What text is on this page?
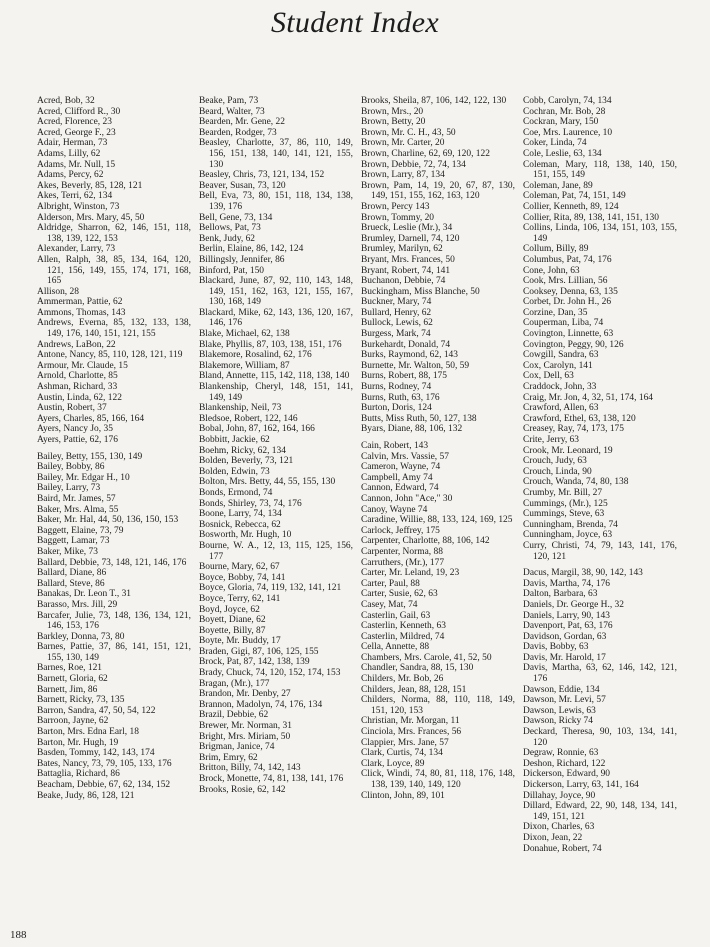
Student Index
Acred, Bob, 32
Acred, Clifford R., 30
Acred, Florence, 23
Acred, George F., 23
Adair, Herman, 73
Adams, Lilly, 62
Adams, Mr. Null, 15
Adams, Percy, 62
Akes, Beverly, 85, 128, 121
Akes, Terri, 62, 134
Albright, Winston, 73
Alderson, Mrs. Mary, 45, 50
Aldridge, Sharron, 62, 146, 151, 118, 138, 139, 122, 153
Alexander, Larry, 73
Allen, Ralph, 38, 85, 134, 164, 120, 121, 156, 149, 155, 174, 171, 168, 165
Allison, 28
Ammerman, Pattie, 62
Ammons, Thomas, 143
Andrews, Everna, 85, 132, 133, 138, 149, 176, 140, 151, 121, 155
Andrews, LaBon, 22
Antone, Nancy, 85, 110, 128, 121, 119
Armour, Mr. Claude, 15
Arnold, Charlotte, 85
Ashman, Richard, 33
Austin, Linda, 62, 122
Austin, Robert, 37
Ayers, Charles, 85, 166, 164
Ayers, Nancy Jo, 35
Ayers, Pattie, 62, 176
Bailey, Betty, 155, 130, 149
Bailey, Bobby, 86
Bailey, Mr. Edgar H., 10
Bailey, Larry, 73
Baird, Mr. James, 57
Baker, Mrs. Alma, 55
Baker, Mr. Hal, 44, 50, 136, 150, 153
Baggett, Elaine, 73, 79
Baggett, Lamar, 73
Baker, Mike, 73
Ballard, Debbie, 73, 148, 121, 146, 176
Ballard, Diane, 86
Ballard, Steve, 86
Banakas, Dr. Leon T., 31
Barasso, Mrs. Jill, 29
Barcafer, Julie, 73, 148, 136, 134, 121, 146, 153, 176
Barkley, Donna, 73, 80
Barnes, Pattie, 37, 86, 141, 151, 121, 155, 130, 149
Barnes, Roe, 121
Barnett, Gloria, 62
Barnett, Jim, 86
Barnett, Ricky, 73, 135
Barron, Sandra, 47, 50, 54, 122
Barroon, Jayne, 62
Barton, Mrs. Edna Earl, 18
Barton, Mr. Hugh, 19
Basden, Tommy, 142, 143, 174
Bates, Nancy, 73, 79, 105, 133, 176
Battaglia, Richard, 86
Beacham, Debbie, 67, 62, 134, 152
Beake, Judy, 86, 128, 121
Beake, Pam, 73
Beard, Walter, 73
Bearden, Mr. Gene, 22
Bearden, Rodger, 73
Beasley, Charlotte, 37, 86, 110, 149, 156, 151, 138, 140, 141, 121, 155, 130
Beasley, Chris, 73, 121, 134, 152
Beaver, Susan, 73, 120
Bell, Eva, 73, 80, 151, 118, 134, 138, 139, 176
Bell, Gene, 73, 134
Bellows, Pat, 73
Benk, Judy, 62
Berlin, Elaine, 86, 142, 124
Billingsly, Jennifer, 86
Binford, Pat, 150
Blackard, June, 87, 92, 110, 143, 148, 149, 151, 162, 163, 121, 155, 167, 130, 168, 149
Blackard, Mike, 62, 143, 136, 120, 167, 146, 176
Blake, Michael, 62, 138
Blake, Phyllis, 87, 103, 138, 151, 176
Blakemore, Rosalind, 62, 176
Blakemore, William, 87
Bland, Annette, 115, 142, 118, 138, 140
Blankenship, Cheryl, 148, 151, 141, 149, 149
Blankenship, Neil, 73
Bledsoe, Robert, 122, 146
Bobal, John, 87, 162, 164, 166
Bobbitt, Jackie, 62
Boehm, Ricky, 62, 134
Bolden, Beverly, 73, 121
Bolden, Edwin, 73
Bolton, Mrs. Betty, 44, 55, 155, 130
Bonds, Ermond, 74
Bonds, Shirley, 73, 74, 176
Boone, Larry, 74, 134
Bosnick, Rebecca, 62
Bosworth, Mr. Hugh, 10
Bourne, W. A., 12, 13, 115, 125, 156, 177
Bourne, Mary, 62, 67
Boyce, Bobby, 74, 141
Boyce, Gloria, 74, 119, 132, 141, 121
Boyce, Terry, 62, 141
Boyd, Joyce, 62
Boyett, Diane, 62
Boyette, Billy, 87
Boyte, Mr. Buddy, 17
Braden, Gigi, 87, 106, 125, 155
Brock, Pat, 87, 142, 138, 139
Brady, Chuck, 74, 120, 152, 174, 153
Bragan, (Mr.), 177
Brandon, Mr. Denby, 27
Brannon, Madolyn, 74, 176, 134
Brazil, Debbie, 62
Brewer, Mr. Norman, 31
Bright, Mrs. Miriam, 50
Brigman, Janice, 74
Brim, Emry, 62
Britton, Billy, 74, 142, 143
Brock, Monette, 74, 81, 138, 141, 176
Brooks, Rosie, 62, 142
Brooks, Sheila, 87, 106, 142, 122, 130
Brown, Mrs., 20
Brown, Betty, 20
Brown, Mr. C. H., 43, 50
Brown, Mr. Carter, 20
Brown, Charline, 62, 69, 120, 122
Brown, Debbie, 72, 74, 134
Brown, Larry, 87, 134
Brown, Pam, 14, 19, 20, 67, 87, 130, 149, 151, 155, 162, 163, 120
Brown, Percy 143
Brown, Tommy, 20
Brueck, Leslie (Mr.), 34
Brumley, Darnell, 74, 120
Brumley, Marilyn, 62
Bryant, Mrs. Frances, 50
Bryant, Robert, 74, 141
Buchanon, Debbie, 74
Buckingham, Miss Blanche, 50
Buckner, Mary, 74
Bullard, Henry, 62
Bullock, Lewis, 62
Burgess, Mark, 74
Burkehardt, Donald, 74
Burks, Raymond, 62, 143
Burnette, Mr. Walton, 50, 59
Burns, Robert, 88, 175
Burns, Rodney, 74
Burns, Ruth, 63, 176
Burton, Doris, 124
Butts, Miss Ruth, 50, 127, 138
Byars, Diane, 88, 106, 132
Cain, Robert, 143
Calvin, Mrs. Vassie, 57
Cameron, Wayne, 74
Campbell, Amy 74
Cannon, Edward, 74
Cannon, John "Ace," 30
Canoy, Wayne 74
Caradine, Willie, 88, 133, 124, 169, 125
Carlock, Jeffrey, 175
Carpenter, Charlotte, 88, 106, 142
Carpenter, Norma, 88
Carruthers, (Mr.), 177
Carter, Mr. Leland, 19, 23
Carter, Paul, 88
Carter, Susie, 62, 63
Casey, Mat, 74
Casterlin, Gail, 63
Casterlin, Kenneth, 63
Casterlin, Mildred, 74
Cella, Annette, 88
Chambers, Mrs. Carole, 41, 52, 50
Chandler, Sandra, 88, 15, 130
Childers, Mr. Bob, 26
Childers, Jean, 88, 128, 151
Childers, Norma, 88, 110, 118, 149, 151, 120, 153
Christian, Mr. Morgan, 11
Cinciola, Mrs. Frances, 56
Clappier, Mrs. Jane, 57
Clark, Curtis, 74, 134
Clark, Loyce, 89
Click, Windi, 74, 80, 81, 118, 176, 148, 138, 139, 140, 149, 120
Clinton, John, 89, 101
Cobb, Carolyn, 74, 134
Cochran, Mr. Bob, 28
Cockran, Mary, 150
Coe, Mrs. Laurence, 10
Coker, Linda, 74
Cole, Leslie, 63, 134
Coleman, Mary, 118, 138, 140, 150, 151, 155, 149
Coleman, Jane, 89
Coleman, Pat, 74, 151, 149
Collier, Kenneth, 89, 124
Collier, Rita, 89, 138, 141, 151, 130
Collins, Linda, 106, 134, 151, 103, 155, 149
Collum, Billy, 89
Columbus, Pat, 74, 176
Cone, John, 63
Cook, Mrs. Lillian, 56
Cooksey, Denna, 63, 135
Corbet, Dr. John H., 26
Corzine, Dan, 35
Couperman, Liba, 74
Covington, Linnette, 63
Covington, Peggy, 90, 126
Cowgill, Sandra, 63
Cox, Carolyn, 141
Cox, Dell, 63
Craddock, John, 33
Craig, Mr. Jon, 4, 32, 51, 174, 164
Crawford, Allen, 63
Crawford, Ethel, 63, 138, 120
Creasey, Ray, 74, 173, 175
Crite, Jerry, 63
Crook, Mr. Leonard, 19
Crouch, Judy, 63
Crouch, Linda, 90
Crouch, Wanda, 74, 80, 138
Crumby, Mr. Bill, 27
Cummings, (Mr.), 125
Cummings, Steve, 63
Cunningham, Brenda, 74
Cunningham, Joyce, 63
Curry, Christi, 74, 79, 143, 141, 176, 120, 121
Dacus, Margil, 38, 90, 142, 143
Davis, Martha, 74, 176
Dalton, Barbara, 63
Daniels, Dr. George H., 32
Daniels, Larry, 90, 143
Davenport, Pat, 63, 176
Davidson, Gordan, 63
Davis, Bobby, 63
Davis, Mr. Harold, 17
Davis, Martha, 63, 62, 146, 142, 121, 176
Dawson, Eddie, 134
Dawson, Mr. Levi, 57
Dawson, Lewis, 63
Dawson, Ricky 74
Deckard, Theresa, 90, 103, 134, 141, 120
Degraw, Ronnie, 63
Deshon, Richard, 122
Dickerson, Edward, 90
Dickerson, Larry, 63, 141, 164
Dillahay, Joyce, 90
Dillard, Edward, 22, 90, 148, 134, 141, 149, 151, 121
Dixon, Charles, 63
Dixon, Jean, 22
Donahue, Robert, 74
188
